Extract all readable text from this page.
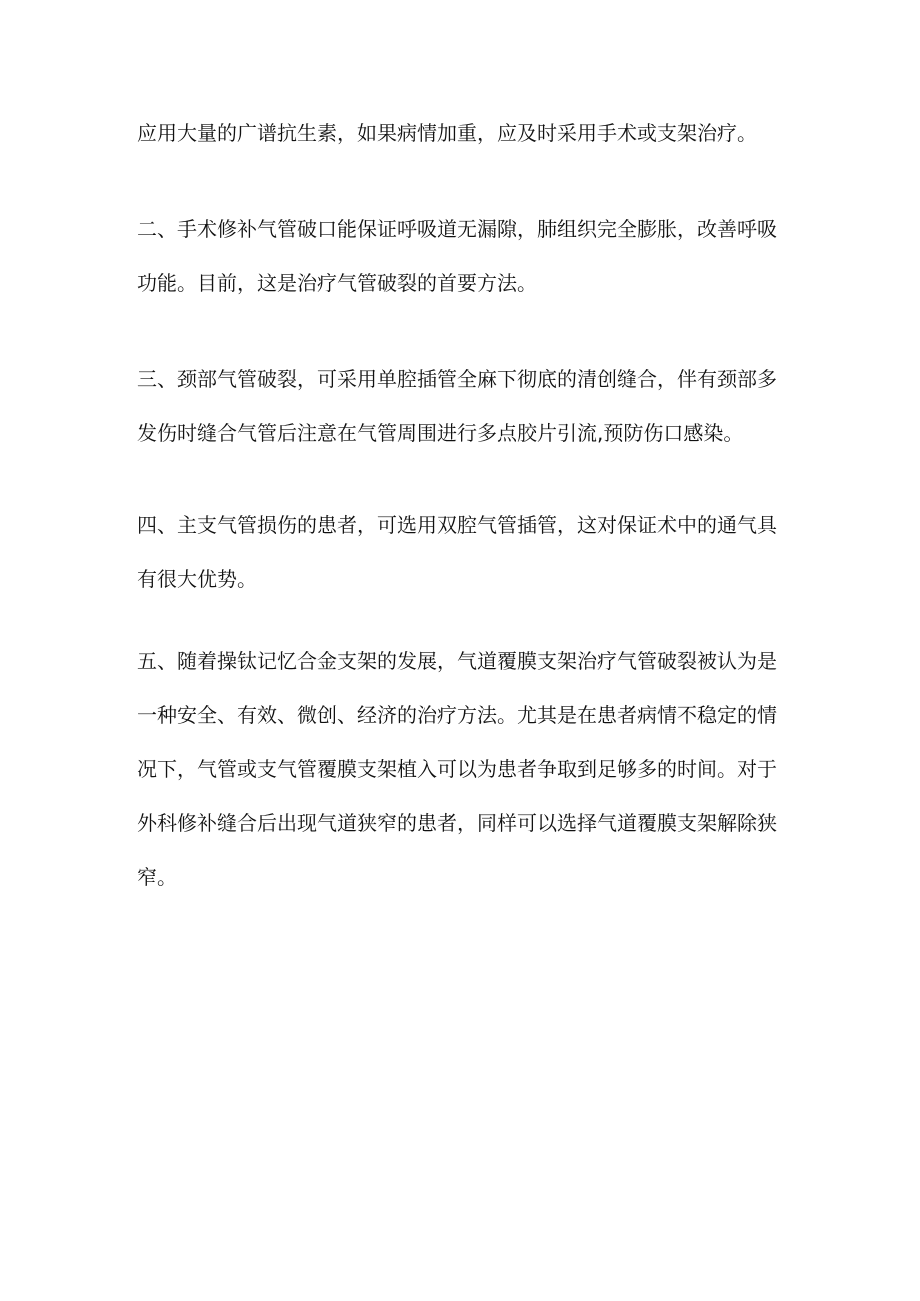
应用大量的广谱抗生素，如果病情加重，应及时采用手术或支架治疗。
二、手术修补气管破口能保证呼吸道无漏隙，肺组织完全膨胀，改善呼吸
功能。目前，这是治疗气管破裂的首要方法。
三、颈部气管破裂，可采用单腔插管全麻下彻底的清创缝合，伴有颈部多
发伤时缝合气管后注意在气管周围进行多点胶片引流,预防伤口感染。
四、主支气管损伤的患者，可选用双腔气管插管，这对保证术中的通气具
有很大优势。
五、随着操钛记忆合金支架的发展，气道覆膜支架治疗气管破裂被认为是
一种安全、有效、微创、经济的治疗方法。尤其是在患者病情不稳定的情
况下，气管或支气管覆膜支架植入可以为患者争取到足够多的时间。对于
外科修补缝合后出现气道狭窄的患者，同样可以选择气道覆膜支架解除狭
窄。
